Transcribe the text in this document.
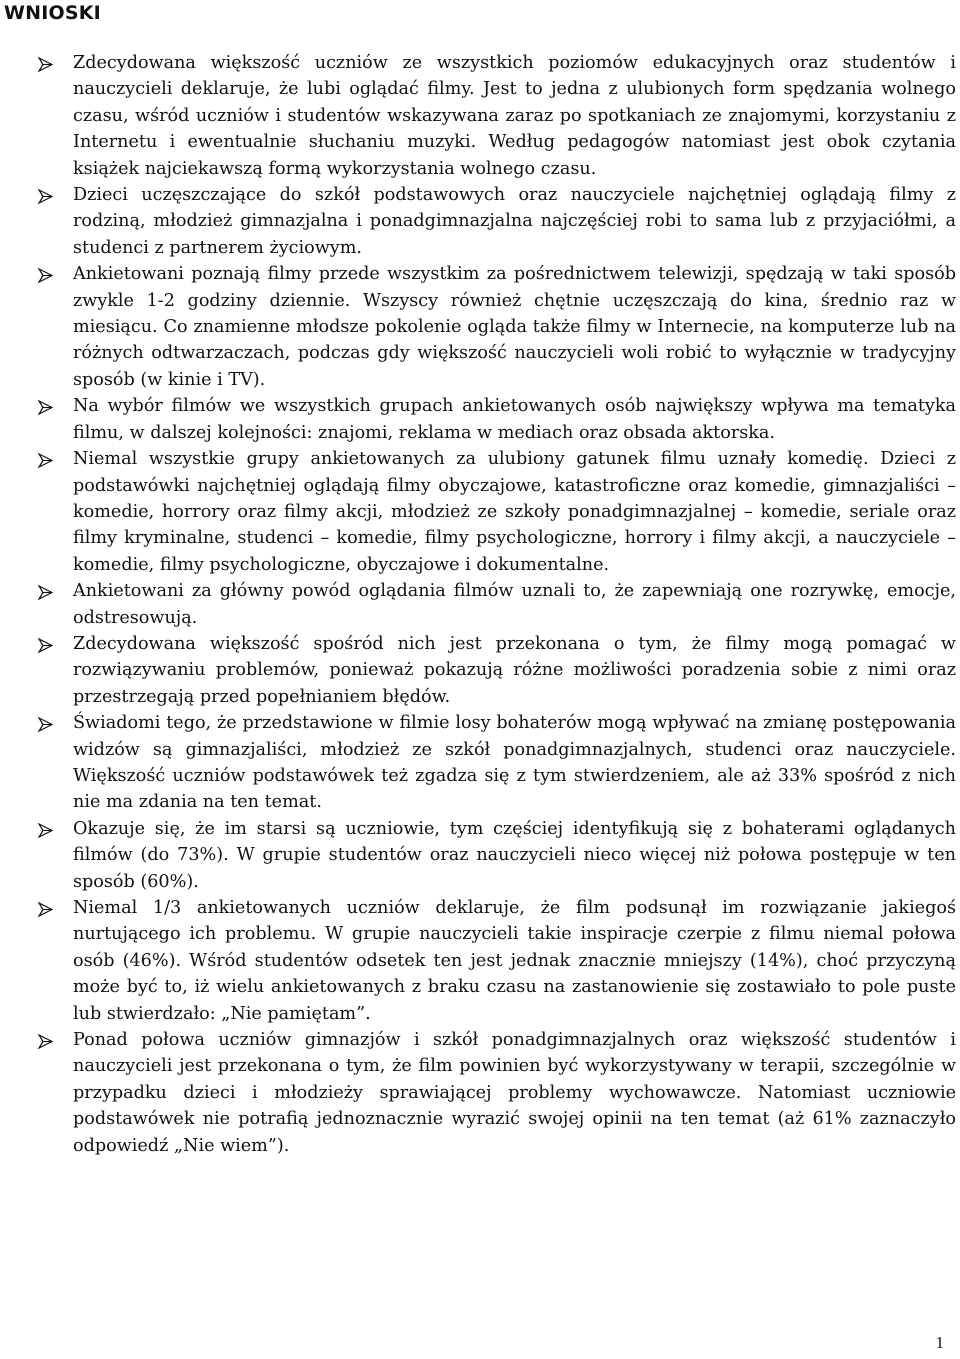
WNIOSKI
Zdecydowana większość uczniów ze wszystkich poziomów edukacyjnych oraz studentów i nauczycieli deklaruje, że lubi oglądać filmy. Jest to jedna z ulubionych form spędzania wolnego czasu, wśród uczniów i studentów wskazywana zaraz po spotkaniach ze znajomymi, korzystaniu z Internetu i ewentualnie słuchaniu muzyki. Według pedagogów natomiast jest obok czytania książek najciekawszą formą wykorzystania wolnego czasu.
Dzieci uczęszczające do szkół podstawowych oraz nauczyciele najchętniej oglądają filmy z rodziną, młodzież gimnazjalna i ponadgimnazjalna najczęściej robi to sama lub z przyjaciółmi, a studenci z partnerem życiowym.
Ankietowani poznają filmy przede wszystkim za pośrednictwem telewizji, spędzają w taki sposób zwykle 1-2 godziny dziennie. Wszyscy również chętnie uczęszczają do kina, średnio raz w miesiącu. Co znamienne młodsze pokolenie ogląda także filmy w Internecie, na komputerze lub na różnych odtwarzaczach, podczas gdy większość nauczycieli woli robić to wyłącznie w tradycyjny sposób (w kinie i TV).
Na wybór filmów we wszystkich grupach ankietowanych osób największy wpływa ma tematyka filmu, w dalszej kolejności: znajomi, reklama w mediach oraz obsada aktorska.
Niemal wszystkie grupy ankietowanych za ulubiony gatunek filmu uznały komedię. Dzieci z podstawówki najchętniej oglądają filmy obyczajowe, katastroficzne oraz komedie, gimnazjaliści – komedie, horrory oraz filmy akcji, młodzież ze szkoły ponadgimnazjalnej – komedie, seriale oraz filmy kryminalne, studenci – komedie, filmy psychologiczne, horrory i filmy akcji, a nauczyciele – komedie, filmy psychologiczne, obyczajowe i dokumentalne.
Ankietowani za główny powód oglądania filmów uznali to, że zapewniają one rozrywkę, emocje, odstresowują.
Zdecydowana większość spośród nich jest przekonana o tym, że filmy mogą pomagać w rozwiązywaniu problemów, ponieważ pokazują różne możliwości poradzenia sobie z nimi oraz przestrzegają przed popełnianiem błędów.
Świadomi tego, że przedstawione w filmie losy bohaterów mogą wpływać na zmianę postępowania widzów są gimnazjaliści, młodzież ze szkół ponadgimnazjalnych, studenci oraz nauczyciele. Większość uczniów podstawówek też zgadza się z tym stwierdzeniem, ale aż 33% spośród z nich nie ma zdania na ten temat.
Okazuje się, że im starsi są uczniowie, tym częściej identyfikują się z bohaterami oglądanych filmów (do 73%). W grupie studentów oraz nauczycieli nieco więcej niż połowa postępuje w ten sposób (60%).
Niemal 1/3 ankietowanych uczniów deklaruje, że film podsunął im rozwiązanie jakiegoś nurtującego ich problemu. W grupie nauczycieli takie inspiracje czerpie z filmu niemal połowa osób (46%). Wśród studentów odsetek ten jest jednak znacznie mniejszy (14%), choć przyczyną może być to, iż wielu ankietowanych z braku czasu na zastanowienie się zostawiało to pole puste lub stwierdzało: „Nie pamiętam”.
Ponad połowa uczniów gimnazjów i szkół ponadgimnazjalnych oraz większość studentów i nauczycieli jest przekonana o tym, że film powinien być wykorzystywany w terapii, szczególnie w przypadku dzieci i młodzieży sprawiającej problemy wychowawcze. Natomiast uczniowie podstawówek nie potrafią jednoznacznie wyrazić swojej opinii na ten temat (aż 61% zaznaczyło odpowiedź „Nie wiem”).
1
